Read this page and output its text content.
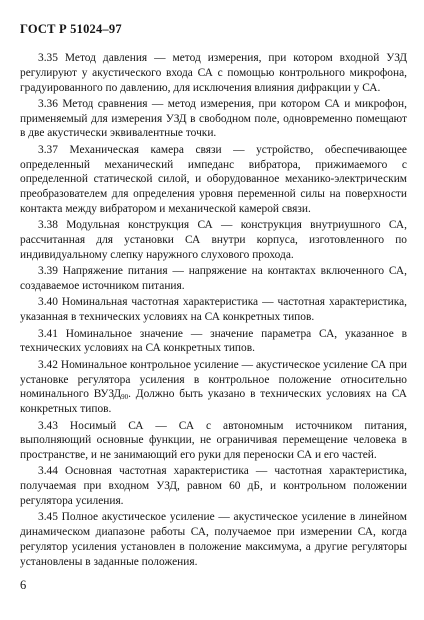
ГОСТ Р 51024–97

3.35 Метод давления — метод измерения, при котором входной УЗД регулируют у акустического входа СА с помощью контрольного микрофона, градуированного по давлению, для исключения влияния дифракции у СА.

3.36 Метод сравнения — метод измерения, при котором СА и микрофон, применяемый для измерения УЗД в свободном поле, одновременно помещают в две акустически эквивалентные точки.

3.37 Механическая камера связи — устройство, обеспечивающее определенный механический импеданс вибратора, прижимаемого с определенной статической силой, и оборудованное механико-электрическим преобразователем для определения уровня переменной силы на поверхности контакта между вибратором и механической камерой связи.

3.38 Модульная конструкция СА — конструкция внутриушного СА, рассчитанная для установки СА внутри корпуса, изготовленного по индивидуальному слепку наружного слухового прохода.

3.39 Напряжение питания — напряжение на контактах включенного СА, создаваемое источником питания.

3.40 Номинальная частотная характеристика — частотная характеристика, указанная в технических условиях на СА конкретных типов.

3.41 Номинальное значение — значение параметра СА, указанное в технических условиях на СА конкретных типов.

3.42 Номинальное контрольное усиление — акустическое усиление СА при установке регулятора усиления в контрольное положение относительно номинального $ВУЗД_{90}$. Должно быть указано в технических условиях на СА конкретных типов.

3.43 Носимый СА — СА с автономным источником питания, выполняющий основные функции, не ограничивая перемещение человека в пространстве, и не занимающий его руки для переноски СА и его частей.

3.44 Основная частотная характеристика — частотная характеристика, получаемая при входном УЗД, равном 60 дБ, и контрольном положении регулятора усиления.

3.45 Полное акустическое усиление — акустическое усиление в линейном динамическом диапазоне работы СА, получаемое при измерении СА, когда регулятор усиления установлен в положение максимума, а другие регуляторы установлены в заданные положения.

6
